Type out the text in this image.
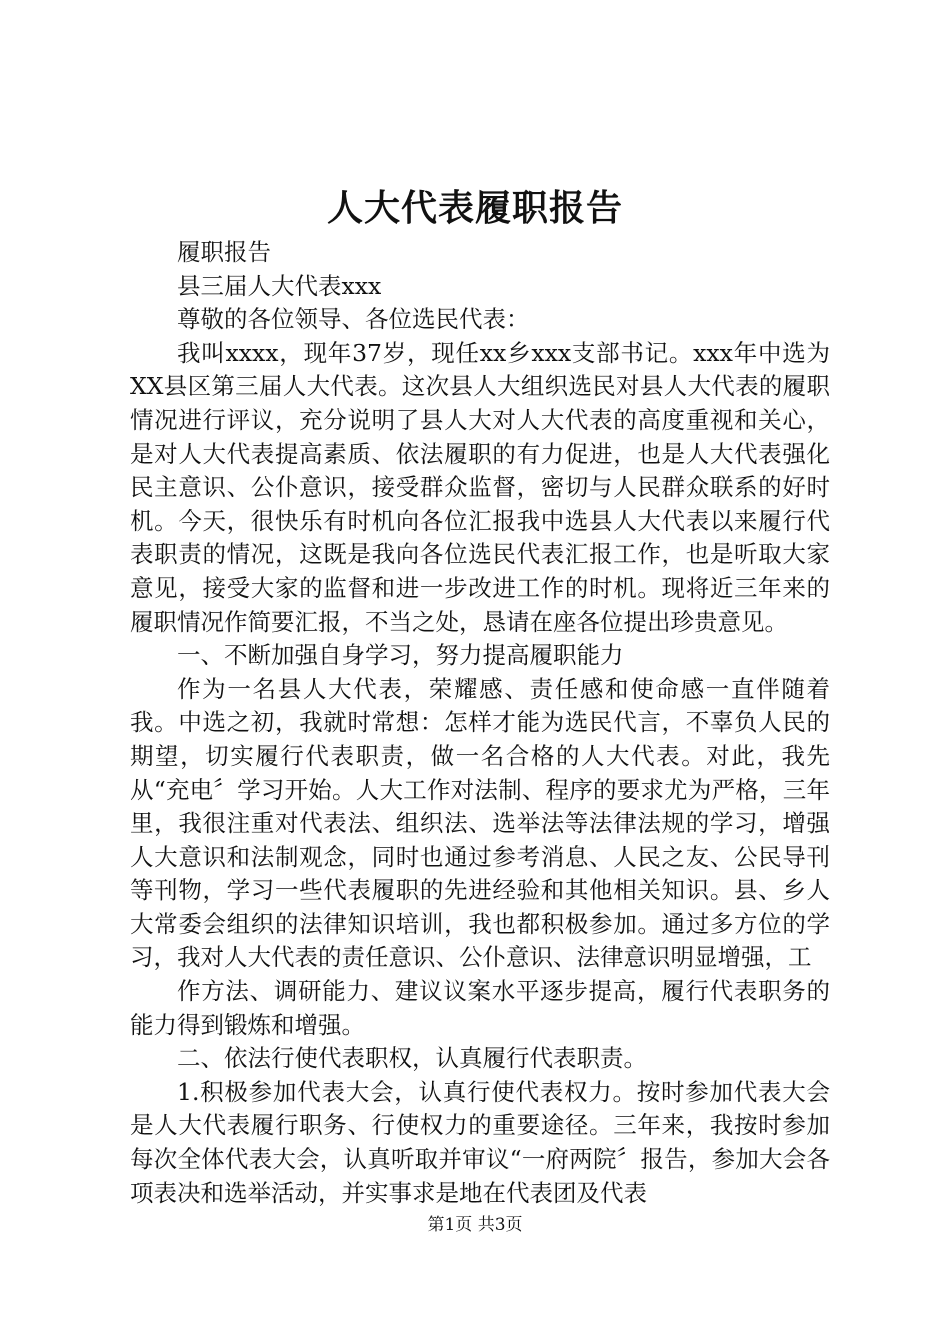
人大代表履职报告

履职报告

县三届人大代表xxx

尊敬的各位领导、各位选民代表：

我叫xxxx，现年37岁，现任xx乡xxx支部书记。xxx年中选为XX县区第三届人大代表。这次县人大组织选民对县人大代表的履职情况进行评议，充分说明了县人大对人大代表的高度重视和关心，是对人大代表提高素质、依法履职的有力促进，也是人大代表强化民主意识、公仆意识，接受群众监督，密切与人民群众联系的好时机。今天，很快乐有时机向各位汇报我中选县人大代表以来履行代表职责的情况，这既是我向各位选民代表汇报工作，也是听取大家意见，接受大家的监督和进一步改进工作的时机。现将近三年来的履职情况作简要汇报，不当之处，恳请在座各位提出珍贵意见。

一、不断加强自身学习，努力提高履职能力

作为一名县人大代表，荣耀感、责任感和使命感一直伴随着我。中选之初，我就时常想：怎样才能为选民代言，不辜负人民的期望，切实履行代表职责，做一名合格的人大代表。对此，我先从“充电〞学习开始。人大工作对法制、程序的要求尤为严格，三年里，我很注重对代表法、组织法、选举法等法律法规的学习，增强人大意识和法制观念，同时也通过参考消息、人民之友、公民导刊等刊物，学习一些代表履职的先进经验和其他相关知识。县、乡人大常委会组织的法律知识培训，我也都积极参加。通过多方位的学习，我对人大代表的责任意识、公仆意识、法律意识明显增强，工

作方法、调研能力、建议议案水平逐步提高，履行代表职务的能力得到锻炼和增强。

二、依法行使代表职权，认真履行代表职责。

1.积极参加代表大会，认真行使代表权力。按时参加代表大会是人大代表履行职务、行使权力的重要途径。三年来，我按时参加每次全体代表大会，认真听取并审议“一府两院〞报告，参加大会各项表决和选举活动，并实事求是地在代表团及代表

第1页 共3页
